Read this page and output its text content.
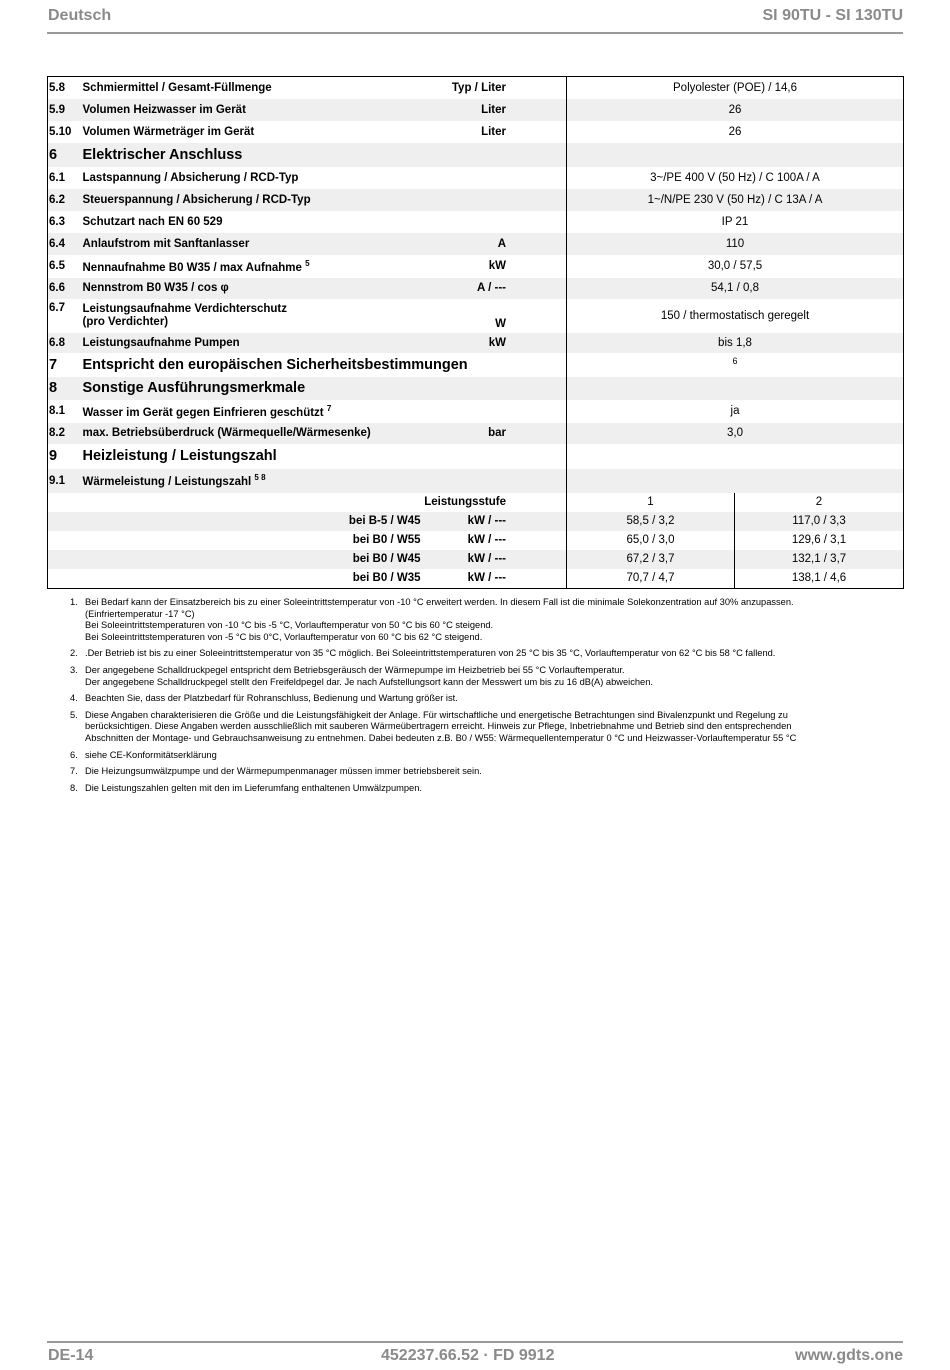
Deutsch	SI 90TU - SI 130TU
5.8	Schmiermittel / Gesamt-Füllmenge	Typ / Liter	Polyolester (POE) / 14,6	
5.9	Volumen Heizwasser im Gerät	Liter	26	
5.10	Volumen Wärmeträger im Gerät	Liter	26	
6	Elektrischer Anschluss			
6.1	Lastspannung / Absicherung / RCD-Typ		3~/PE 400 V (50 Hz) / C 100A / A	
6.2	Steuerspannung / Absicherung / RCD-Typ		1~/N/PE 230 V (50 Hz) / C 13A / A	
6.3	Schutzart nach EN 60 529		IP 21	
6.4	Anlaufstrom mit Sanftanlasser	A	110	
6.5	Nennaufnahme B0 W35 / max Aufnahme $^5$	kW	30,0 / 57,5	
6.6	Nennstrom B0 W35 / cos φ	A / ---	54,1 / 0,8	
6.7	Leistungsaufnahme Verdichterschutz
(pro Verdichter)	W	150 / thermostatisch geregelt	
6.8	Leistungsaufnahme Pumpen	kW	bis 1,8	
7	Entspricht den europäischen Sicherheitsbestimmungen		6	
8	Sonstige Ausführungsmerkmale			
8.1	Wasser im Gerät gegen Einfrieren geschützt $^7$		ja	
8.2	max. Betriebsüberdruck (Wärmequelle/Wärmesenke)	bar	3,0	
9	Heizleistung / Leistungszahl			
9.1	Wärmeleistung / Leistungszahl $^{5 8}$		
		Leistungsstufe	1	2
	bei B-5 / W45	kW / ---	58,5 / 3,2	117,0 / 3,3
	bei B0 / W55	kW / ---	65,0 / 3,0	129,6 / 3,1
	bei B0 / W45	kW / ---	67,2 / 3,7	132,1 / 3,7
	bei B0 / W35	kW / ---	70,7 / 4,7	138,1 / 4,6
1. Bei Bedarf kann der Einsatzbereich bis zu einer Soleeintrittstemperatur von -10 °C erweitert werden. In diesem Fall ist die minimale Solekonzentration auf 30% anzupassen.
(Einfriertemperatur -17 °C)
Bei Soleeintrittstemperaturen von -10 °C bis -5 °C, Vorlauftemperatur von 50 °C bis 60 °C steigend.
Bei Soleeintrittstemperaturen von -5 °C bis 0°C, Vorlauftemperatur von 60 °C bis 62 °C steigend.
2. .Der Betrieb ist bis zu einer Soleeintrittstemperatur von 35 °C möglich. Bei Soleeintrittstemperaturen von 25 °C bis 35 °C, Vorlauftemperatur von 62 °C bis 58 °C fallend.
3. Der angegebene Schalldruckpegel entspricht dem Betriebsgeräusch der Wärmepumpe im Heizbetrieb bei 55 °C Vorlauftemperatur.
Der angegebene Schalldruckpegel stellt den Freifeldpegel dar. Je nach Aufstellungsort kann der Messwert um bis zu 16 dB(A) abweichen.
4. Beachten Sie, dass der Platzbedarf für Rohranschluss, Bedienung und Wartung größer ist.
5. Diese Angaben charakterisieren die Größe und die Leistungsfähigkeit der Anlage. Für wirtschaftliche und energetische Betrachtungen sind Bivalenzpunkt und Regelung zu
berücksichtigen. Diese Angaben werden ausschließlich mit sauberen Wärmeübertragern erreicht. Hinweis zur Pflege, Inbetriebnahme und Betrieb sind den entsprechenden
Abschnitten der Montage- und Gebrauchsanweisung zu entnehmen. Dabei bedeuten z.B. B0 / W55: Wärmequellentemperatur 0 °C und Heizwasser-Vorlauftemperatur 55 °C
6. siehe CE-Konformitätserklärung
7. Die Heizungsumwälzpumpe und der Wärmepumpenmanager müssen immer betriebsbereit sein.
8. Die Leistungszahlen gelten mit den im Lieferumfang enthaltenen Umwälzpumpen.
DE-14	452237.66.52 · FD 9912	www.gdts.one
